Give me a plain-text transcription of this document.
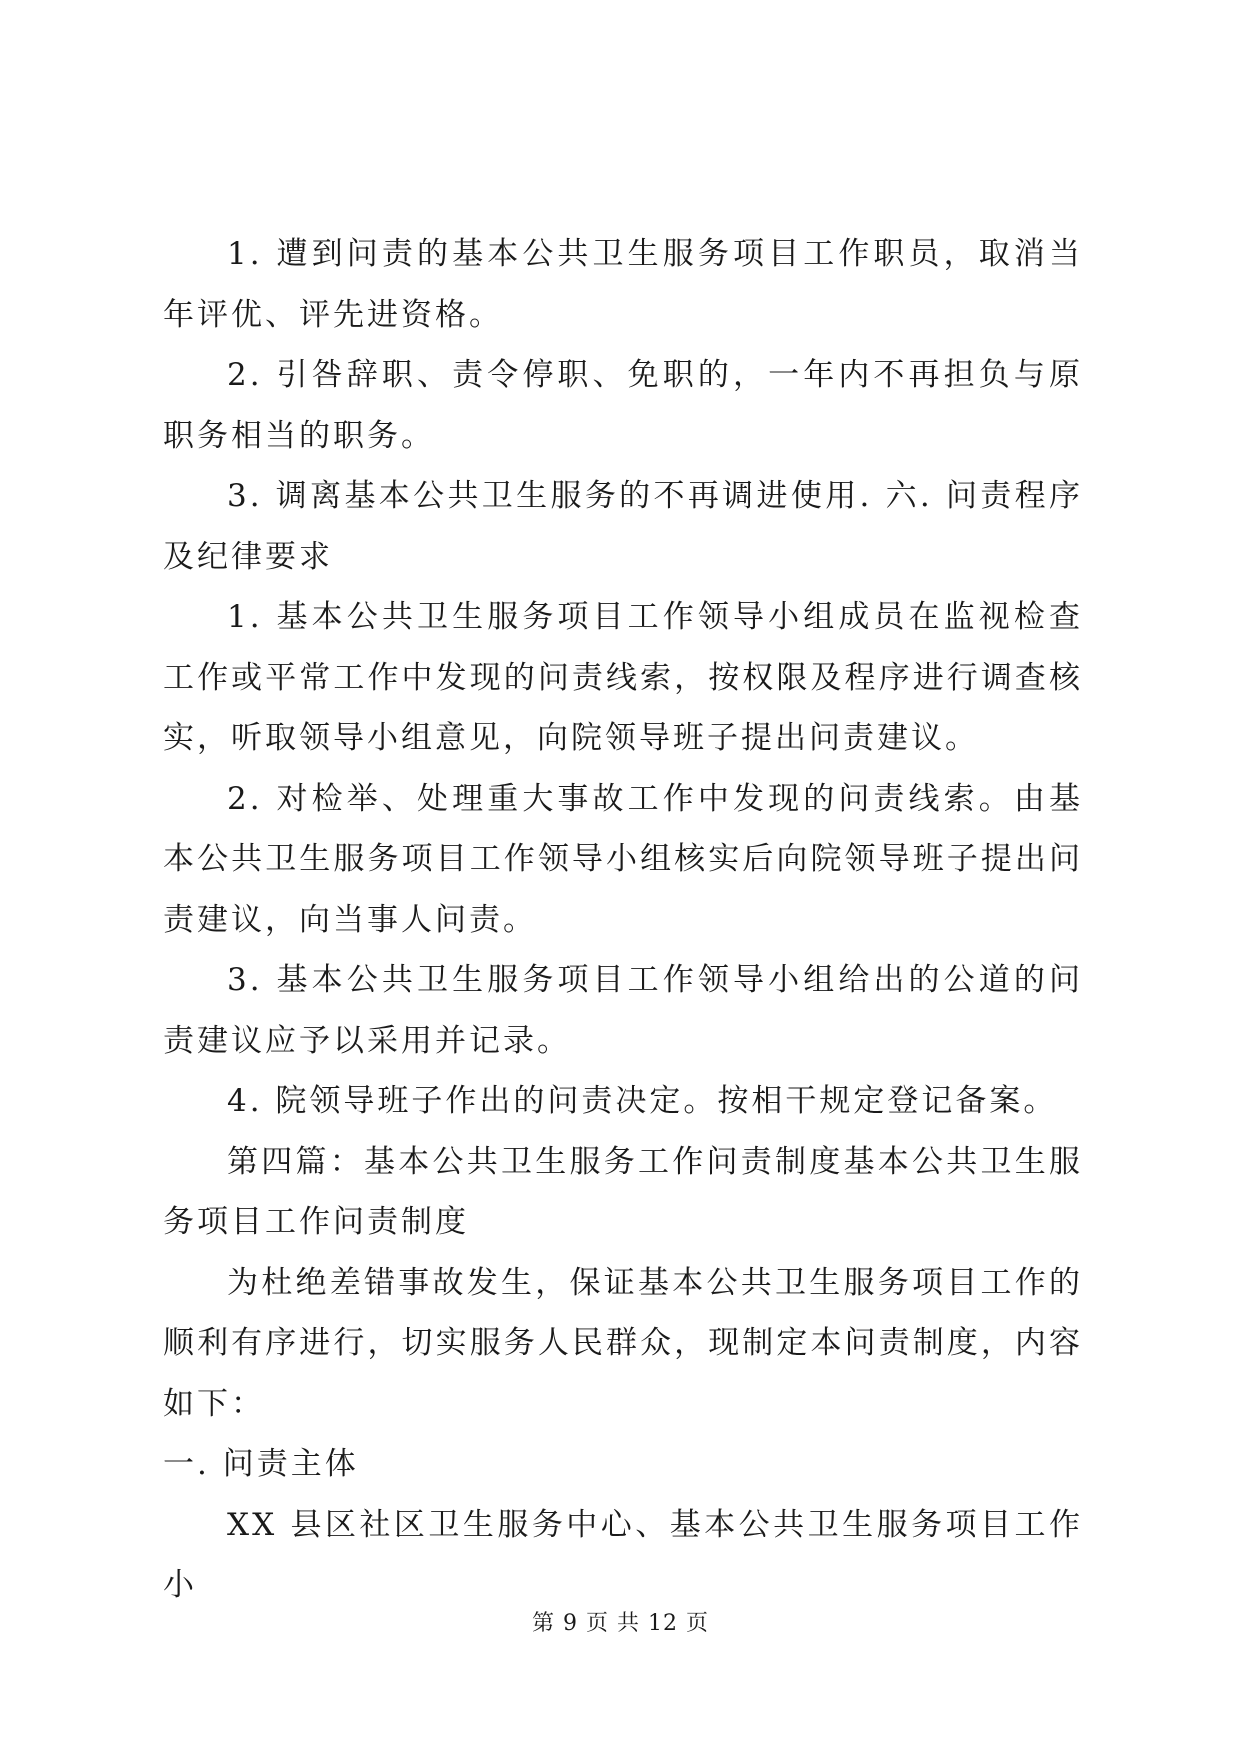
1. 遭到问责的基本公共卫生服务项目工作职员，取消当年评优、评先进资格。

2. 引咎辞职、责令停职、免职的，一年内不再担负与原职务相当的职务。

3. 调离基本公共卫生服务的不再调进使用. 六. 问责程序及纪律要求

1. 基本公共卫生服务项目工作领导小组成员在监视检查工作或平常工作中发现的问责线索，按权限及程序进行调查核实，听取领导小组意见，向院领导班子提出问责建议。

2. 对检举、处理重大事故工作中发现的问责线索。由基本公共卫生服务项目工作领导小组核实后向院领导班子提出问责建议，向当事人问责。

3. 基本公共卫生服务项目工作领导小组给出的公道的问责建议应予以采用并记录。

4. 院领导班子作出的问责决定。按相干规定登记备案。

第四篇：基本公共卫生服务工作问责制度基本公共卫生服务项目工作问责制度

为杜绝差错事故发生，保证基本公共卫生服务项目工作的顺利有序进行，切实服务人民群众，现制定本问责制度，内容如下：

一. 问责主体

XX 县区社区卫生服务中心、基本公共卫生服务项目工作小

第 9 页 共 12 页
